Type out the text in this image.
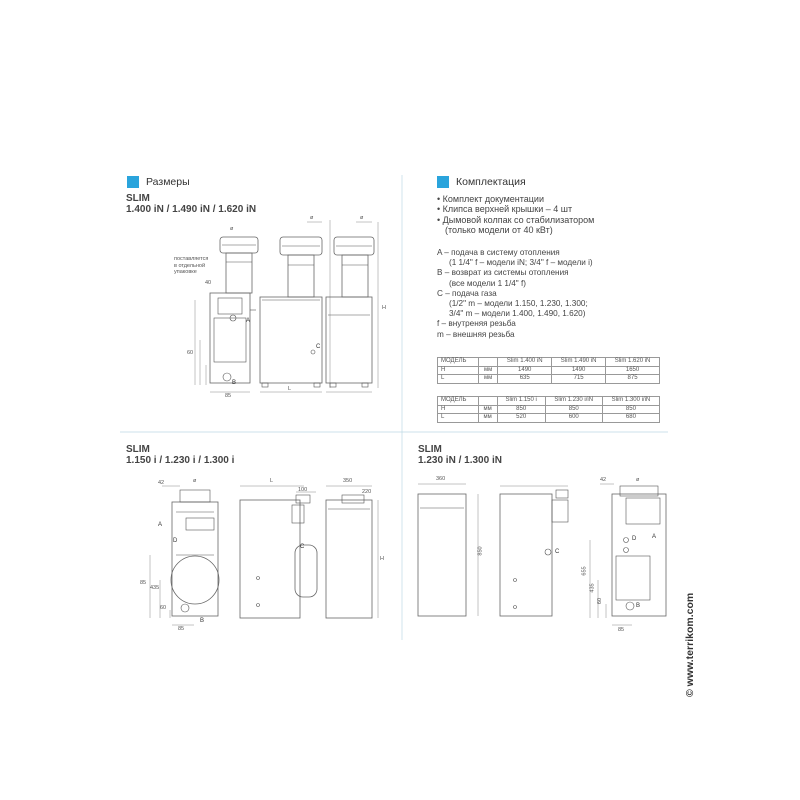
Размеры
SLIM
1.400 iN / 1.490 iN / 1.620 iN
поставляется
в отдельной
упаковке
ø
ø	ø
H
L
60
40
85
A
C
B
Комплектация
• Комплект документации
• Клипса верхней крышки – 4 шт
• Дымовой колпак со стабилизатором
(только модели от 40 кВт)
A – подача в систему отопления
(1 1/4" f – модели iN; 3/4" f – модели i)
B – возврат из системы отопления
(все модели 1 1/4" f)
C – подача газа
(1/2" m – модели 1.150, 1.230, 1.300;
3/4" m – модели 1.400, 1.490, 1.620)
f – внутреняя резьба
m – внешняя резьба
МОДЕЛЬ		Slim 1.400 iN	Slim 1.490 iN	Slim 1.620 iN
H	мм	1490	1490	1650
L	мм	635	715	875
МОДЕЛЬ		Slim 1.150 i	Slim 1.230 i/iN	Slim 1.300 i/iN
H	мм	850	850	850
L	мм	520	600	680
SLIM
1.150 i / 1.230 i / 1.300 i
42	ø	L	350
100	220
H
85
435
60
85
A
D
B
C
SLIM
1.230 iN / 1.300 iN
360
850
42	ø
655
435
60
85
A
D
C
B	© www.terrikom.com
